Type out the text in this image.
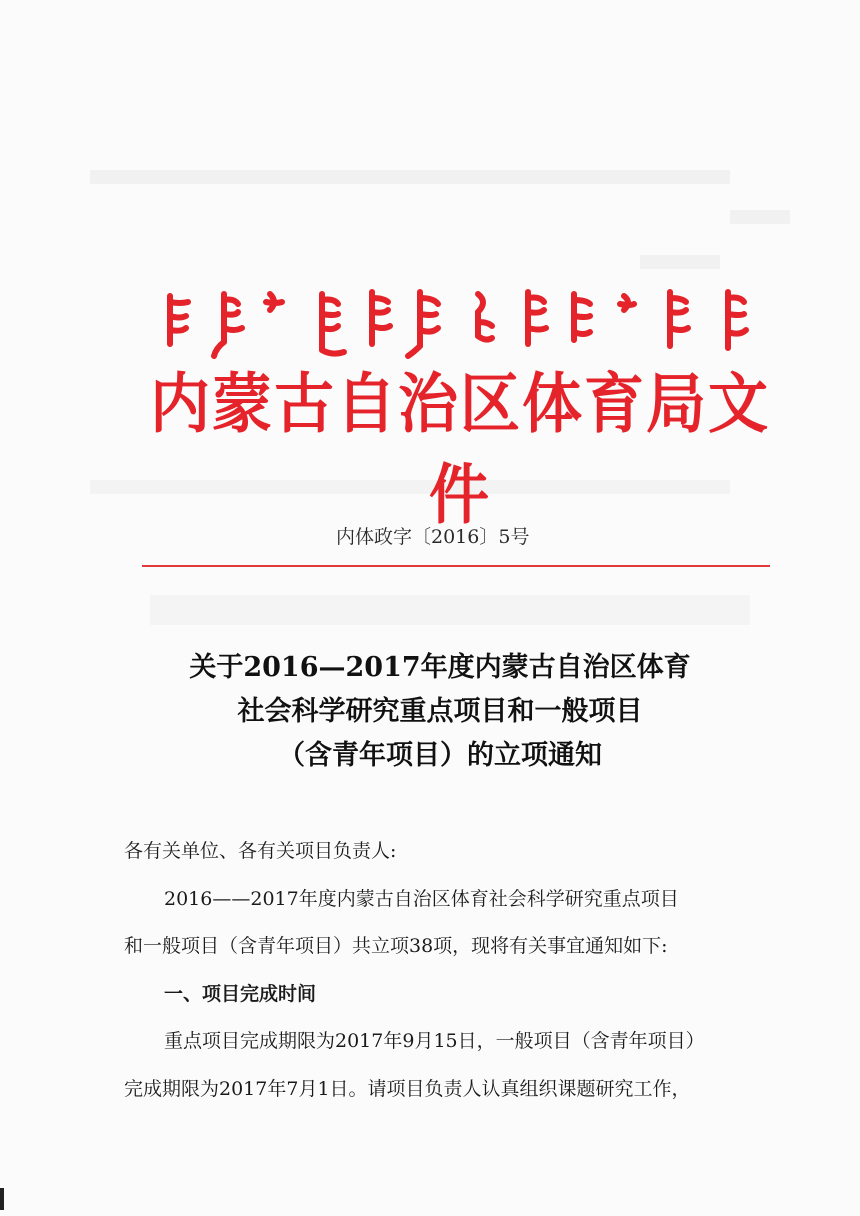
内蒙古自治区体育局文件
内体政字〔2016〕5号
关于2016—2017年度内蒙古自治区体育
社会科学研究重点项目和一般项目
（含青年项目）的立项通知

各有关单位、各有关项目负责人:

2016——2017年度内蒙古自治区体育社会科学研究重点项目

和一般项目（含青年项目）共立项38项，现将有关事宜通知如下:

一、项目完成时间

重点项目完成期限为2017年9月15日，一般项目（含青年项目）

完成期限为2017年7月1日。请项目负责人认真组织课题研究工作，
